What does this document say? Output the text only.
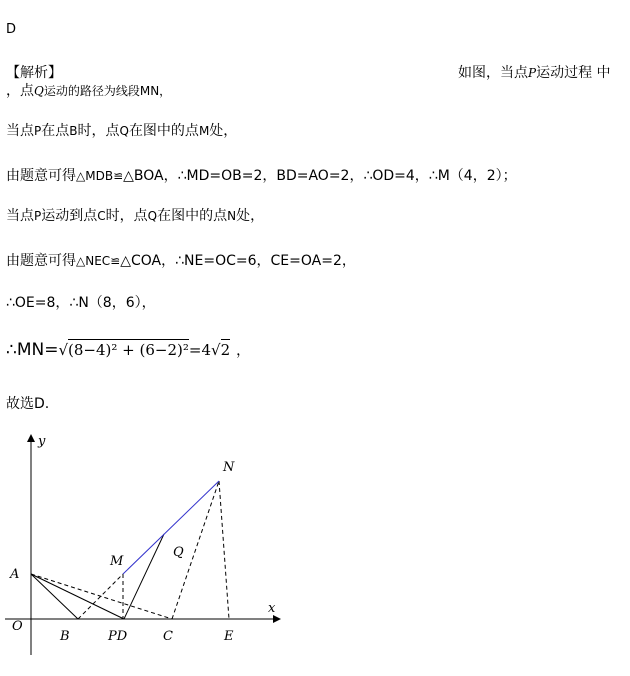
D
【解析】	如图，当点P运动过程 中
，点Q运动的路径为线段MN，
当点P在点B时，点Q在图中的点M处，
由题意可得△MDB≌△BOA，∴MD=OB=2，BD=AO=2，∴OD=4，∴M（4，2）；
当点P运动到点C时，点Q在图中的点N处，
由题意可得△NEC≌△COA，∴NE=OC=6，CE=OA=2，
∴OE=8，∴N（8，6），
∴MN=√(8−4)² + (6−2)²=4√2 ，
故选D.
y
x
N
M
Q
A
O
B	PD	C	E
